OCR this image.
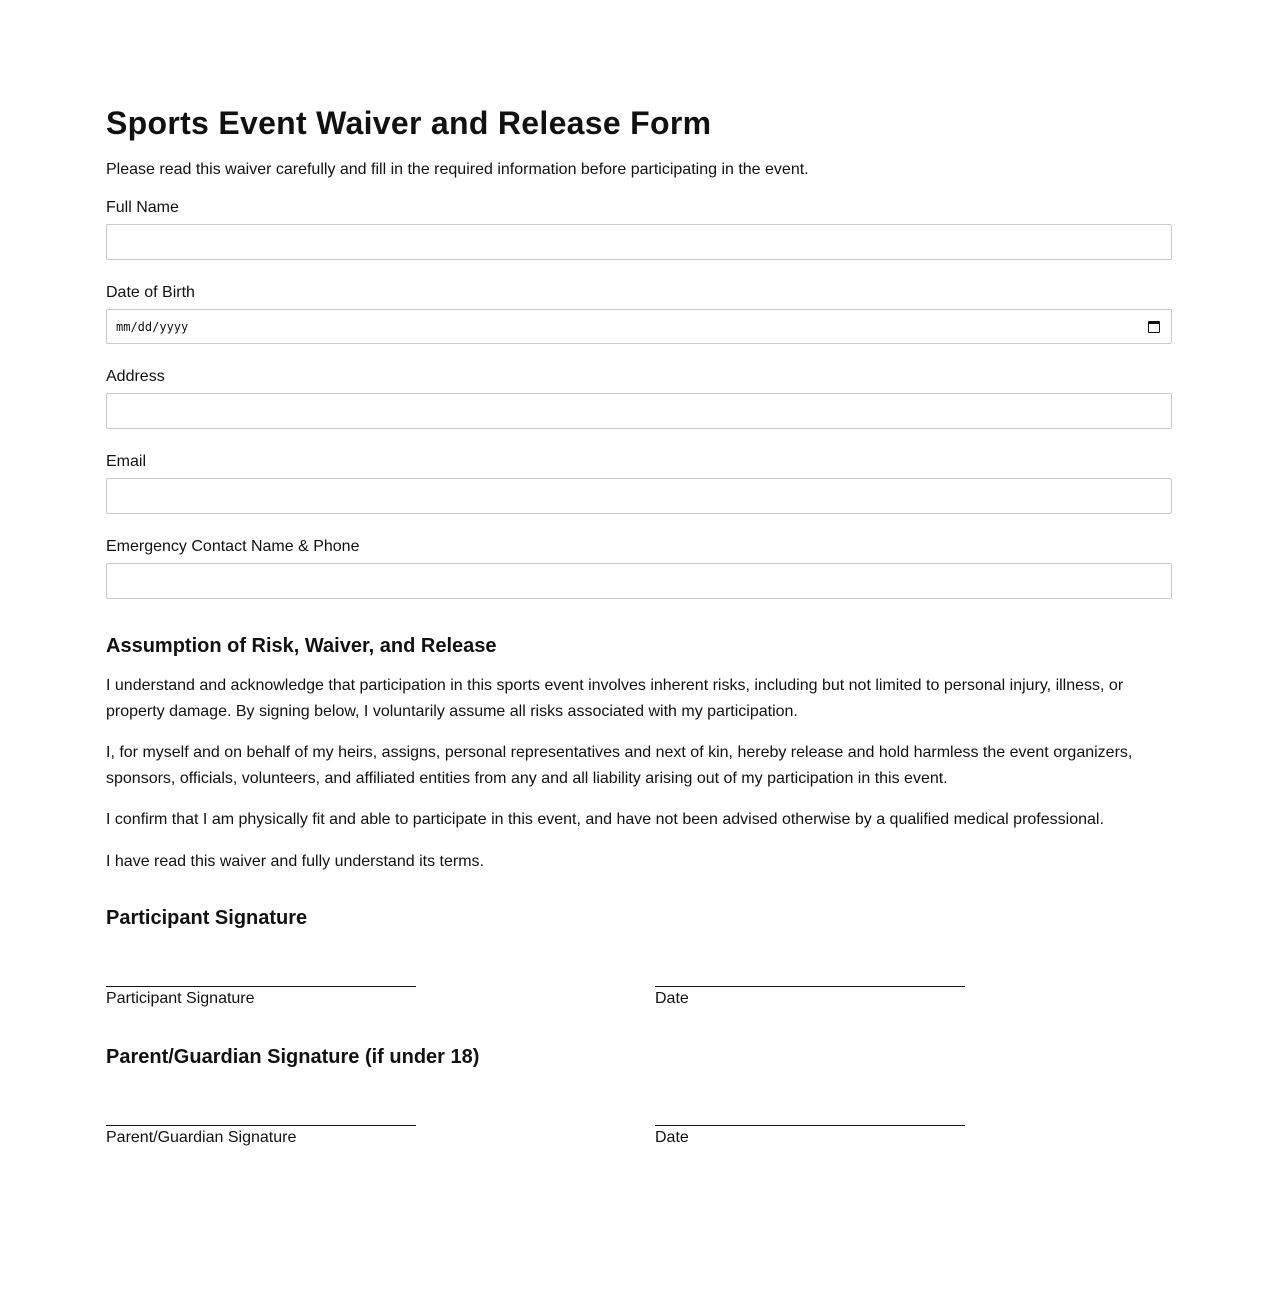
Sports Event Waiver and Release Form

Please read this waiver carefully and fill in the required information before participating in the event.

Full Name
Date of Birth
mm/dd/yyyy
Address
Email
Emergency Contact Name & Phone
Assumption of Risk, Waiver, and Release

I understand and acknowledge that participation in this sports event involves inherent risks, including but not limited to personal injury, illness, or property damage. By signing below, I voluntarily assume all risks associated with my participation.

I, for myself and on behalf of my heirs, assigns, personal representatives and next of kin, hereby release and hold harmless the event organizers, sponsors, officials, volunteers, and affiliated entities from any and all liability arising out of my participation in this event.

I confirm that I am physically fit and able to participate in this event, and have not been advised otherwise by a qualified medical professional.

I have read this waiver and fully understand its terms.

Participant Signature
Participant Signature	Date
Parent/Guardian Signature (if under 18)
Parent/Guardian Signature	Date
